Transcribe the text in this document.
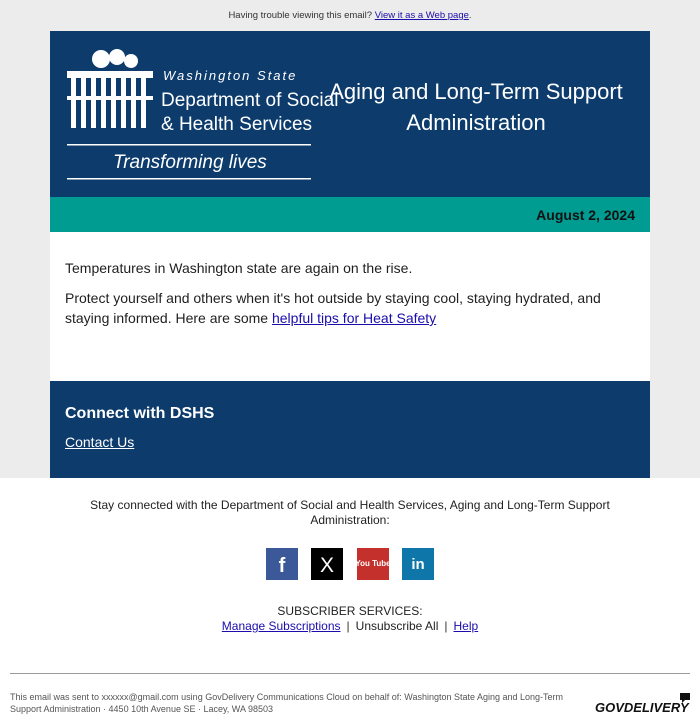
Having trouble viewing this email? View it as a Web page.
Washington State
Department of Social
& Health Services
Transforming lives
Aging and Long-Term Support
Administration
August 2, 2024
Temperatures in Washington state are again on the rise.
Protect yourself and others when it's hot outside by staying cool, staying hydrated, and staying informed. Here are some helpful tips for Heat Safety
Connect with DSHS
Contact Us
Stay connected with the Department of Social and Health Services, Aging and Long-Term Support Administration:
f X	You Tube in
SUBSCRIBER SERVICES:
Manage Subscriptions | Unsubscribe All | Help
This email was sent to xxxxxx@gmail.com using GovDelivery Communications Cloud on behalf of: Washington State Aging and Long-Term Support Administration · 4450 10th Avenue SE · Lacey, WA 98503	GOVDELIVERY
